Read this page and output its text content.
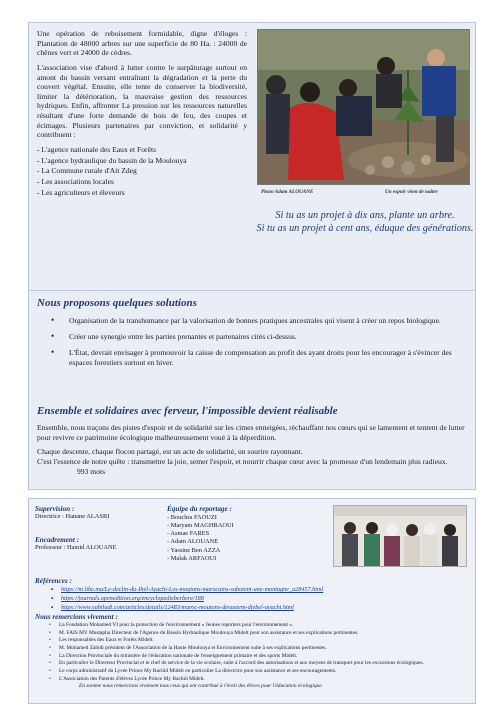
Une opération de reboisement formidable, digne d'éloges : Plantation de 48000 arbres sur une superficie de 80 Ha. : 24000 de chênes vert et 24000 de cèdres.

L'association vise d'abord à lutter contre le surpâturage surtout en amont du bassin versant entraînant la dégradation et la perte du couvert végétal. Ensuite, elle tente de conserver la biodiversité, limiter la détérioration, la mauvaise gestion des ressources hydriques. Enfin, affronter La pression sur les ressources naturelles résultant d'une forte demande de bois de feu, des coupes et écimages. Plusieurs partenaires par conviction, et solidarité y contribuent :

- L'agence nationale des Eaux et Forêts
- L'agence hydraulique du bassin de la Moulouya
- La Commune rurale d'Ait Zdeg
- Les associations locales
- Les agriculteurs et éleveurs	Photo Adam ALOUANE	Un espoir vient de naître
Si tu as un projet à dix ans, plante un arbre.
Si tu as un projet à cent ans, éduque des générations.
Nous proposons quelques solutions
• Organisation de la transhumance par la valorisation de bonnes pratiques ancestrales qui visent à créer un repos biologique.
• Créer une synergie entre les parties prenantes et partenaires cités ci-dessus.
• L'État, devrait envisager à promouvoir la caisse de compensation au profit des ayant droits pour les encourager à s'évincer des espaces forestiers surtout en hiver.
Ensemble et solidaires avec ferveur, l'impossible devient réalisable

Ensemble, nous traçons des pistes d'espoir et de solidarité sur les cimes enneigées, réchauffant nos cœurs qui se lamentent et tentent de lutter pour revivre ce patrimoine écologique malheureusement voué à la déperdition.

Chaque descente, chaque flocon partagé, est un acte de solidarité, un sourire rayonnant.
C'est l'essence de notre quête : transmettre la joie, semer l'espoir, et nourrir chaque cœur avec la promesse d'un lendemain plus radieux. 993 mots
Supervision :
Directrice : Hanane ALASRI
Encadrement :
Professeur : Hamid ALOUANE
Équipe du reportage :
- Bouchra FAOUZI
- Maryam MAGHRAOUI
- Asmae FARES
- Adam ALOUANE
- Yassine Ben AZZA
- Malak ARFAOUI
Références :
▪ https://m.lihe.ma/Le-declin-du-Ihel-Ayachi-Les-moutons-marocains-sabotent-une-montagne_a28457.html
▪ https://journals.openedition.org/encyclopedieberbere/188
▪ https://www.yabiladi.com/articles/details/12483/maroc-moutons-devastent-djebel-ayachi.html
Nous remercions vivement :
• La Fondation Mohamed VI pour la protection de l'environnement « Jeunes reporters pour l'environnement ».
• M. FAIS MY Mustapha Directeur de l'Agence du Bassin Hydraulique Moulouya Midelt pour son assistance et ses explications pertinentes.
• Les responsables des Eaux et Forêts Midelt.
• M. Mohamed Zahidi président de l'Association de la Haute Moulouya et Environnement suite à ses explications pertinentes.
• La Direction Provinciale du ministère de l'éducation nationale de l'enseignement primaire et des sports Midelt.
• En particulier le Directeur Provincial et le chef de service de la vie scolaire, suite à l'accord des autorisations et aux moyens de transport pour les excursions écologiques.
• Le corps administratif du Lycée Prince My Rachid Midelt en particulier La directrice pour son assistance et ses encouragements.
• L'Association des Parents d'élèves Lycée Prince My Rachid Midelt.
En somme nous remercions vivement tous ceux qui ont contribué à l'éveil des élèves pour l'éducation écologique.
